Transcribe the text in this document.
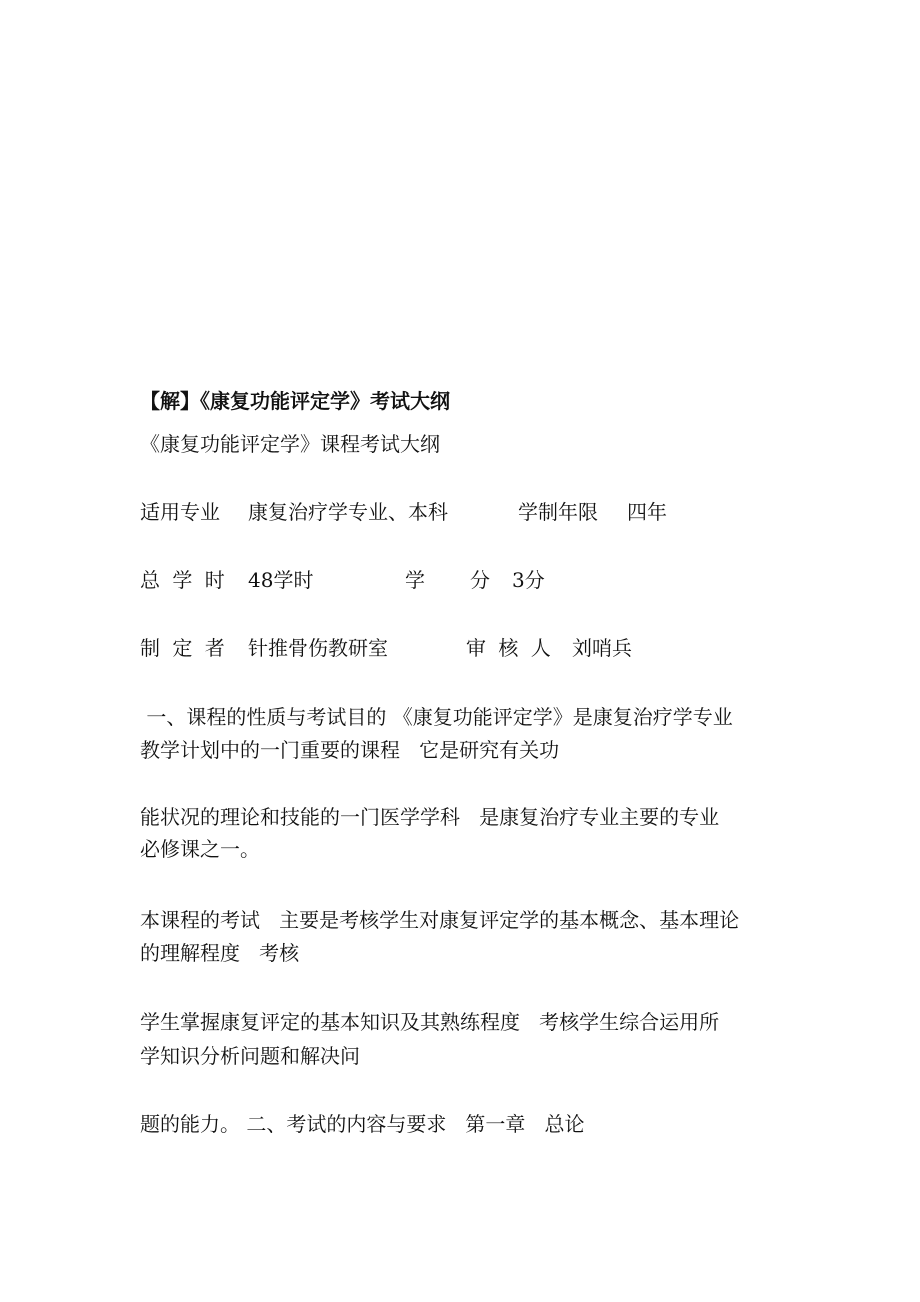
【解】《康复功能评定学》考试大纲
《康复功能评定学》课程考试大纲
适用专业 康复治疗学专业、本科	学制年限 四年
总 学 时 48学时	学 分 3分
制 定 者 针推骨伤教研室	审 核 人 刘哨兵
一、课程的性质与考试目的 《康复功能评定学》是康复治疗学专业
教学计划中的一门重要的课程   它是研究有关功
能状况的理论和技能的一门医学学科   是康复治疗专业主要的专业
必修课之一。
本课程的考试   主要是考核学生对康复评定学的基本概念、基本理论
的理解程度   考核
学生掌握康复评定的基本知识及其熟练程度   考核学生综合运用所
学知识分析问题和解决问
题的能力。 二、考试的内容与要求   第一章   总论
